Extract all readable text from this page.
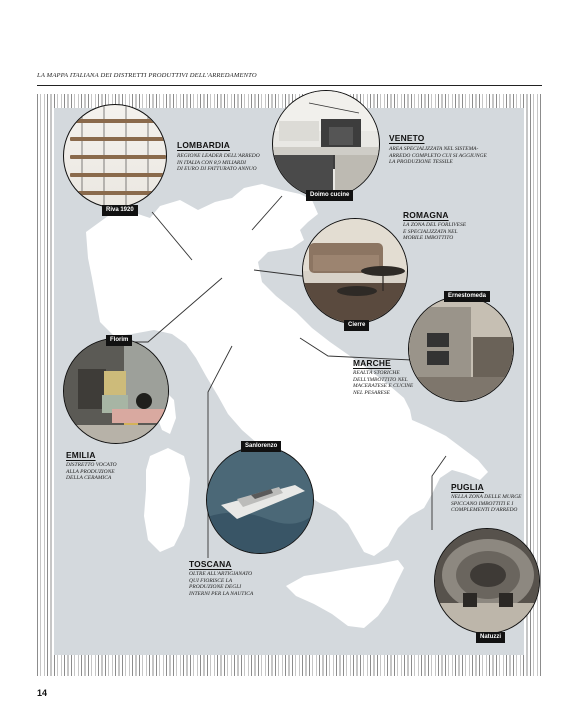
LA MAPPA ITALIANA DEI DISTRETTI PRODUTTIVI DELL'ARREDAMENTO
Riva 1920
LOMBARDIA
REGIONE LEADER DELL'ARREDO
IN ITALIA CON 8,9 MILIARDI
DI EURO DI FATTURATO ANNUO
Doimo cucine
VENETO
AREA SPECIALIZZATA NEL SISTEMA-
ARREDO COMPLETO CUI SI AGGIUNGE
LA PRODUZIONE TESSILE
Cierre
ROMAGNA
LA ZONA DEL FORLIVESE
E SPECIALIZZATA NEL
MOBILE IMBOTTITO
Ernestomeda
MARCHE
REALTÀ STORICHE
DELL'IMBOTTITO NEL
MACERATESE E CUCINE
NEL PESARESE
Florim
EMILIA
DISTRETTO VOCATO
ALLA PRODUZIONE
DELLA CERAMICA
Sanlorenzo
TOSCANA
OLTRE ALL'ARTIGIANATO
QUI FIORISCE LA
PRODUZIONE DEGLI
INTERNI PER LA NAUTICA
PUGLIA
NELLA ZONA DELLE MURGE
SPICCANO IMBOTTITI E I
COMPLEMENTI D'ARREDO
Natuzzi
14
